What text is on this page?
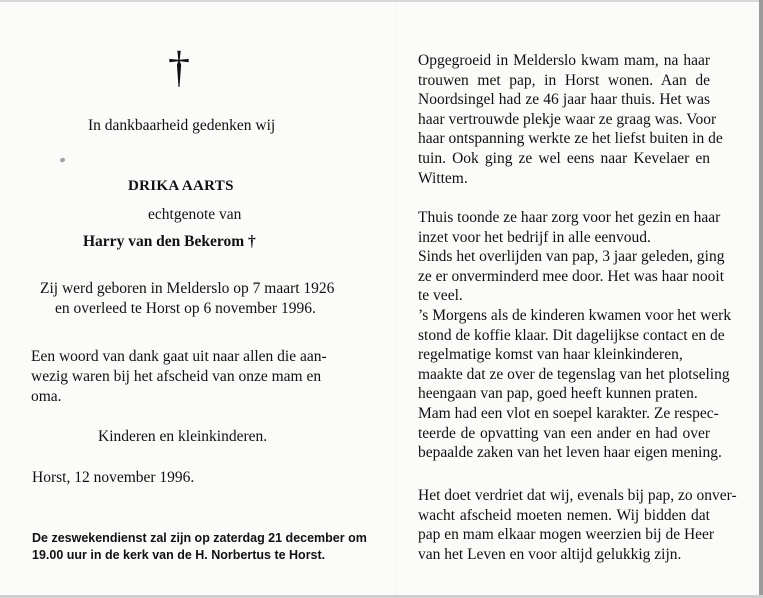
†
In dankbaarheid gedenken wij
DRIKA AARTS
echtgenote van
Harry van den Bekerom †
Zij werd geboren in Melderslo op 7 maart 1926
en overleed te Horst op 6 november 1996.
Een woord van dank gaat uit naar allen die aan-
wezig waren bij het afscheid van onze mam en
oma.
Kinderen en kleinkinderen.
Horst, 12 november 1996.
De zeswekendienst zal zijn op zaterdag 21 december om
19.00 uur in de kerk van de H. Norbertus te Horst.
Opgegroeid in Melderslo kwam mam, na haar
trouwen met pap, in Horst wonen. Aan de
Noordsingel had ze 46 jaar haar thuis. Het was
haar vertrouwde plekje waar ze graag was. Voor
haar ontspanning werkte ze het liefst buiten in de
tuin. Ook ging ze wel eens naar Kevelaer en
Wittem.
Thuis toonde ze haar zorg voor het gezin en haar
inzet voor het bedrijf in alle eenvoud.
Sinds het overlijden van pap, 3 jaar geleden, ging
ze er onverminderd mee door. Het was haar nooit
te veel.
’s Morgens als de kinderen kwamen voor het werk
stond de koffie klaar. Dit dagelijkse contact en de
regelmatige komst van haar kleinkinderen,
maakte dat ze over de tegenslag van het plotseling
heengaan van pap, goed heeft kunnen praten.
Mam had een vlot en soepel karakter. Ze respec-
teerde de opvatting van een ander en had over
bepaalde zaken van het leven haar eigen mening.
Het doet verdriet dat wij, evenals bij pap, zo onver-
wacht afscheid moeten nemen. Wij bidden dat
pap en mam elkaar mogen weerzien bij de Heer
van het Leven en voor altijd gelukkig zijn.
